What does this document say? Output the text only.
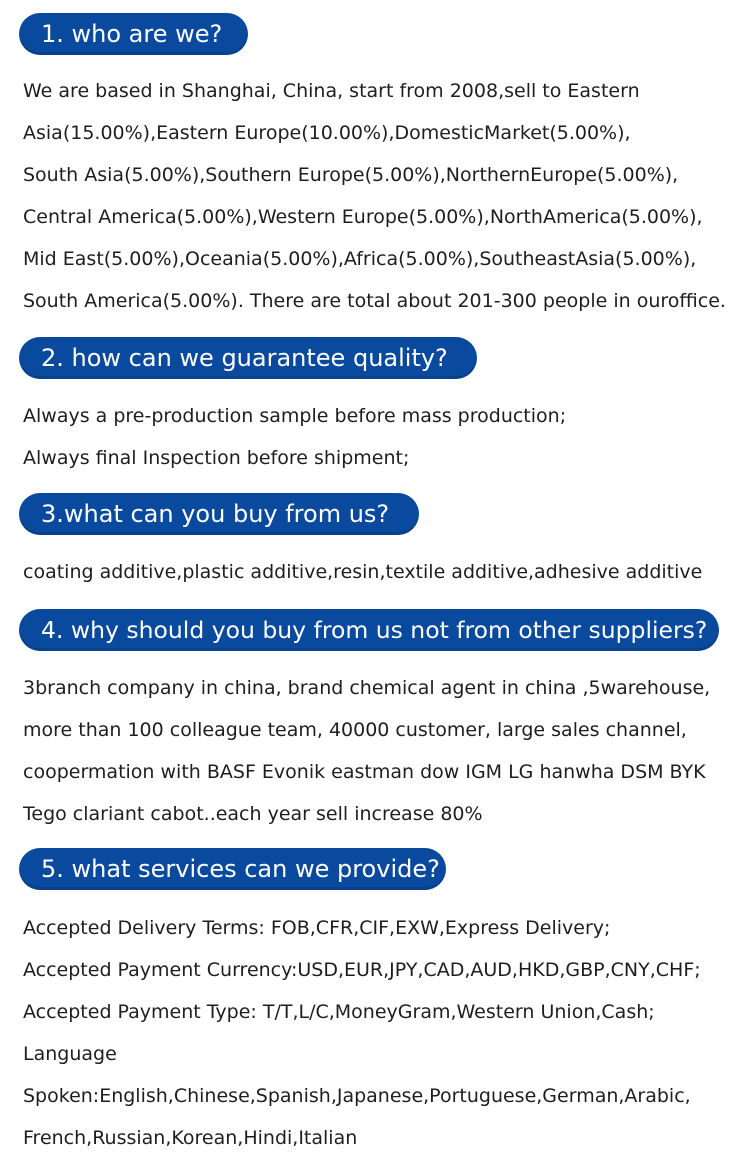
1. who are we?
We are based in Shanghai, China, start from 2008,sell to Eastern
Asia(15.00%),Eastern Europe(10.00%),DomesticMarket(5.00%),
South Asia(5.00%),Southern Europe(5.00%),NorthernEurope(5.00%),
Central America(5.00%),Western Europe(5.00%),NorthAmerica(5.00%),
Mid East(5.00%),Oceania(5.00%),Africa(5.00%),SoutheastAsia(5.00%),
South America(5.00%). There are total about 201-300 people in ouroffice.
2. how can we guarantee quality?
Always a pre-production sample before mass production;
Always final Inspection before shipment;
3.what can you buy from us?
coating additive,plastic additive,resin,textile additive,adhesive additive
4. why should you buy from us not from other suppliers?
3branch company in china, brand chemical agent in china ,5warehouse,
more than 100 colleague team, 40000 customer, large sales channel,
coopermation with BASF Evonik eastman dow IGM LG hanwha DSM BYK
Tego clariant cabot..each year sell increase 80%
5. what services can we provide?
Accepted Delivery Terms: FOB,CFR,CIF,EXW,Express Delivery;
Accepted Payment Currency:USD,EUR,JPY,CAD,AUD,HKD,GBP,CNY,CHF;
Accepted Payment Type: T/T,L/C,MoneyGram,Western Union,Cash;
Language
Spoken:English,Chinese,Spanish,Japanese,Portuguese,German,Arabic,
French,Russian,Korean,Hindi,Italian
